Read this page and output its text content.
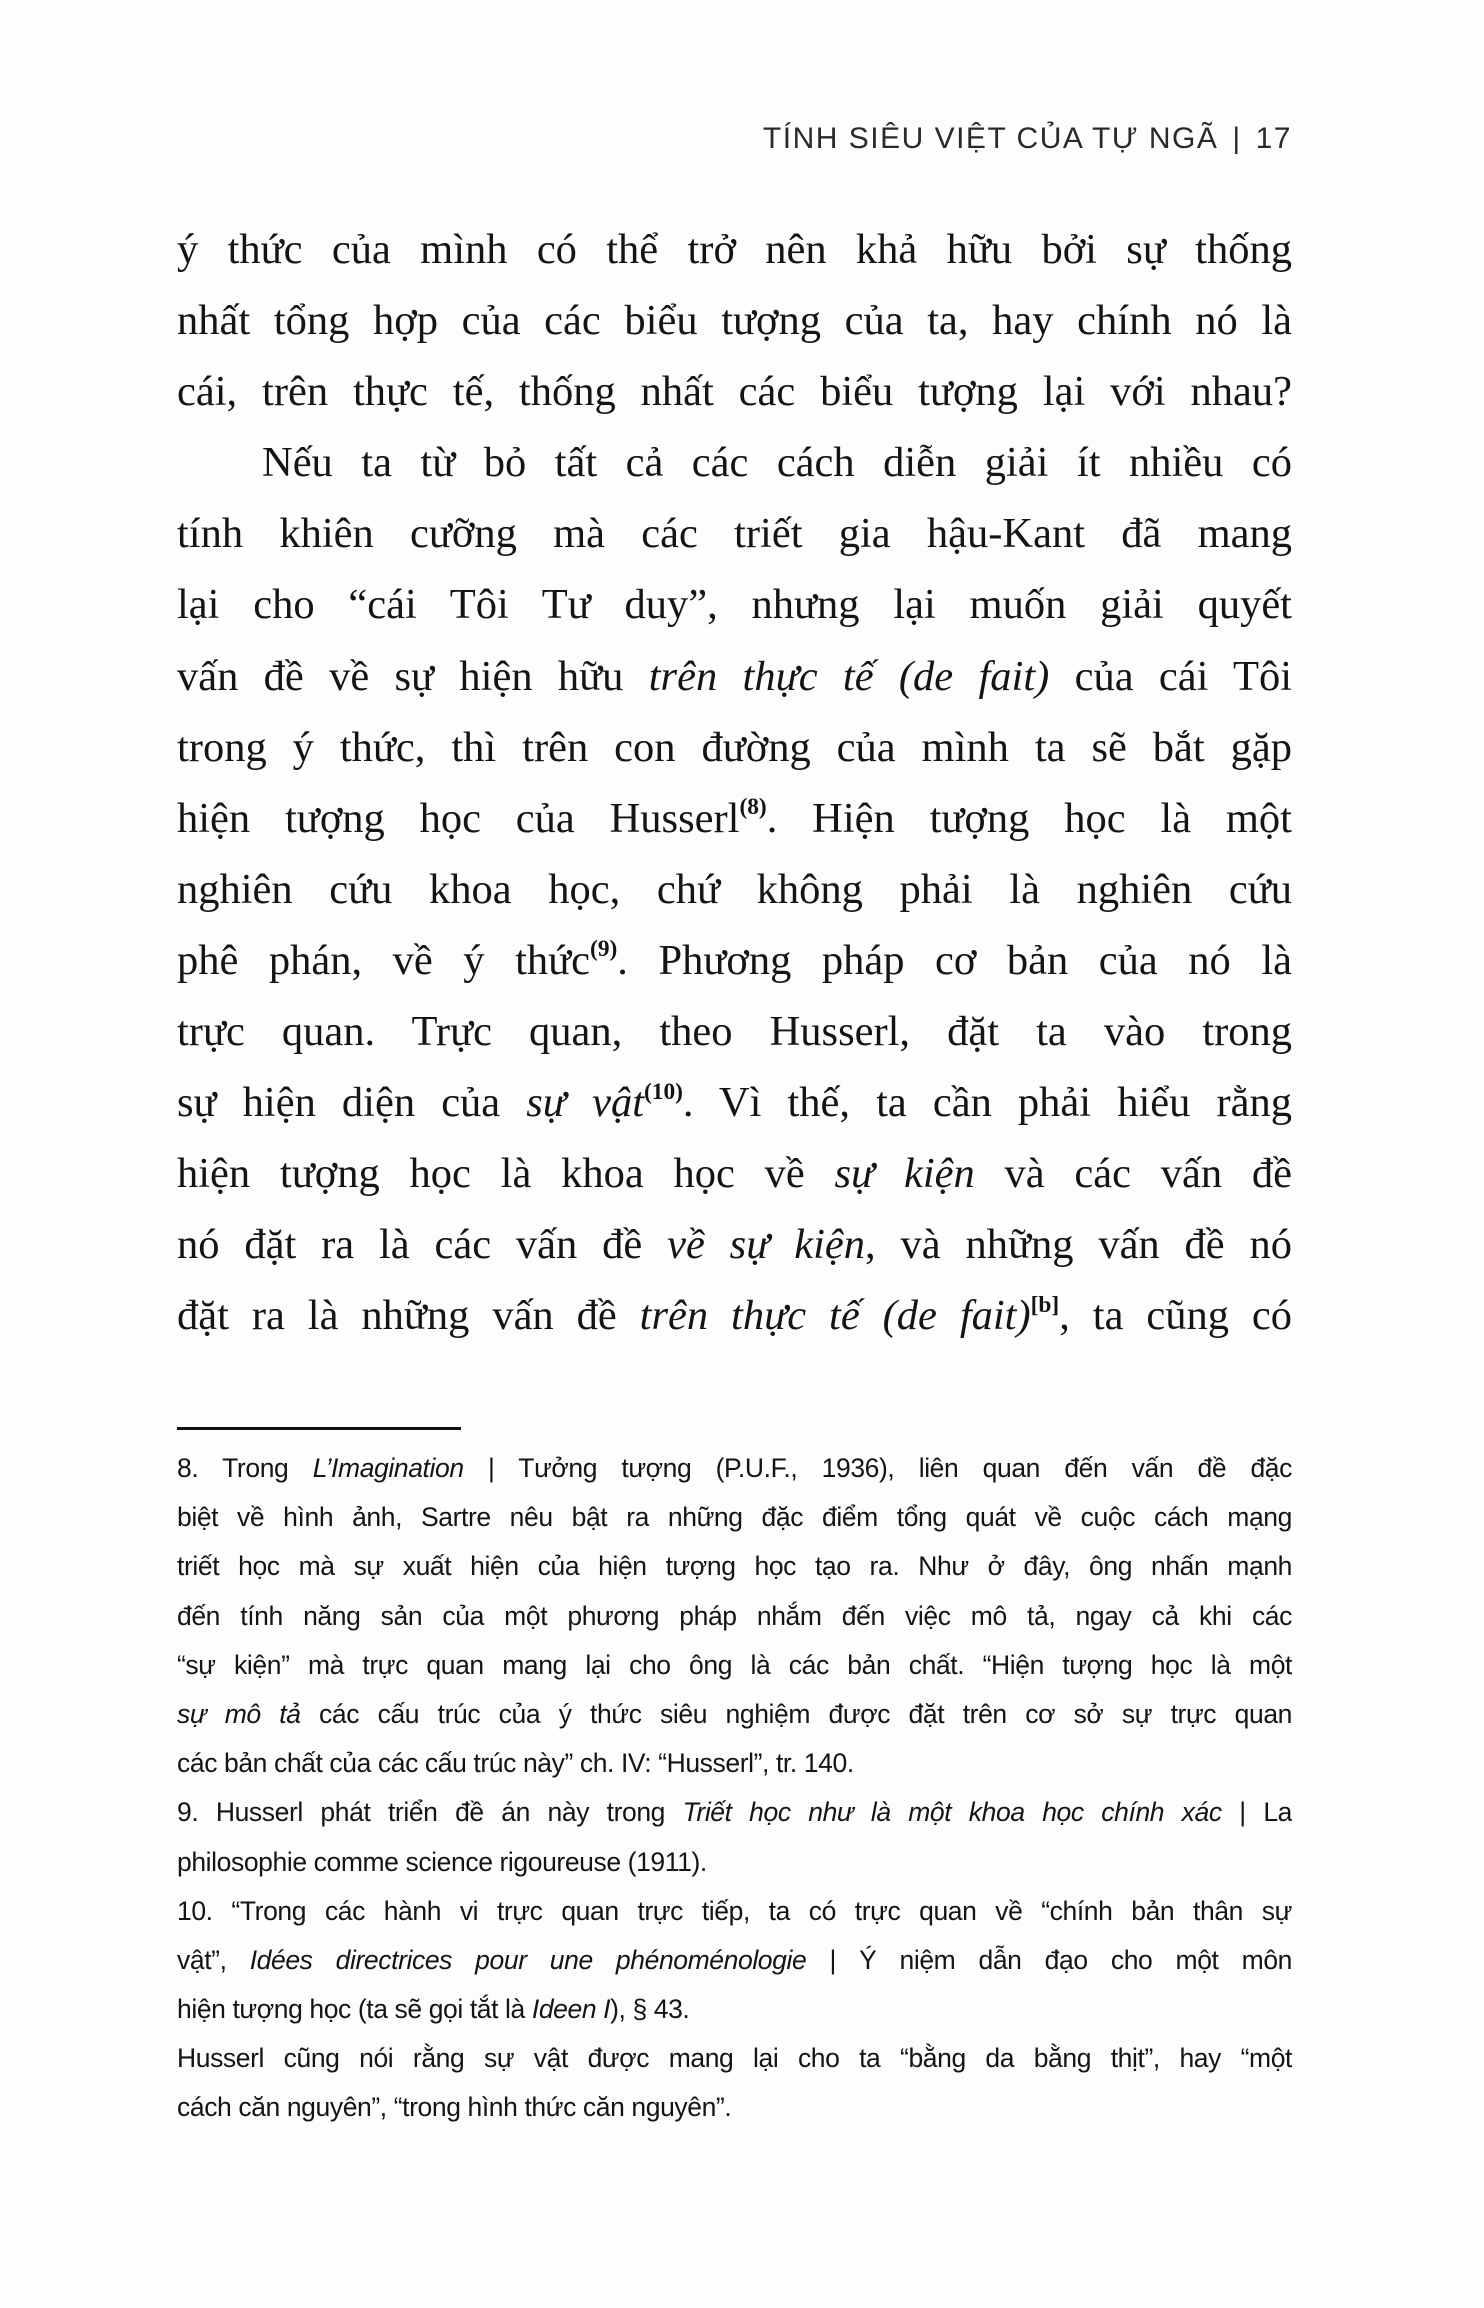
TÍNH SIÊU VIỆT CỦA TỰ NGÃ | 17
ý thức của mình có thể trở nên khả hữu bởi sự thống
nhất tổng hợp của các biểu tượng của ta, hay chính nó là
cái, trên thực tế, thống nhất các biểu tượng lại với nhau?
Nếu ta từ bỏ tất cả các cách diễn giải ít nhiều có
tính khiên cưỡng mà các triết gia hậu-Kant đã mang
lại cho “cái Tôi Tư duy”, nhưng lại muốn giải quyết
vấn đề về sự hiện hữu trên thực tế (de fait) của cái Tôi
trong ý thức, thì trên con đường của mình ta sẽ bắt gặp
hiện tượng học của Husserl$^{(8)}$. Hiện tượng học là một
nghiên cứu khoa học, chứ không phải là nghiên cứu
phê phán, về ý thức$^{(9)}$. Phương pháp cơ bản của nó là
trực quan. Trực quan, theo Husserl, đặt ta vào trong
sự hiện diện của sự vật$^{(10)}$. Vì thế, ta cần phải hiểu rằng
hiện tượng học là khoa học về sự kiện và các vấn đề
nó đặt ra là các vấn đề về sự kiện, và những vấn đề nó
đặt ra là những vấn đề trên thực tế (de fait)[b], ta cũng có
8. Trong L’Imagination | Tưởng tượng (P.U.F., 1936), liên quan đến vấn đề đặc
biệt về hình ảnh, Sartre nêu bật ra những đặc điểm tổng quát về cuộc cách mạng
triết học mà sự xuất hiện của hiện tượng học tạo ra. Như ở đây, ông nhấn mạnh
đến tính năng sản của một phương pháp nhắm đến việc mô tả, ngay cả khi các
“sự kiện” mà trực quan mang lại cho ông là các bản chất. “Hiện tượng học là một
sự mô tả các cấu trúc của ý thức siêu nghiệm được đặt trên cơ sở sự trực quan
các bản chất của các cấu trúc này” ch. IV: “Husserl”, tr. 140.
9. Husserl phát triển đề án này trong Triết học như là một khoa học chính xác | La
philosophie comme science rigoureuse (1911).
10. “Trong các hành vi trực quan trực tiếp, ta có trực quan về “chính bản thân sự
vật”, Idées directrices pour une phénoménologie | Ý niệm dẫn đạo cho một môn
hiện tượng học (ta sẽ gọi tắt là Ideen I), § 43.
Husserl cũng nói rằng sự vật được mang lại cho ta “bằng da bằng thịt”, hay “một
cách căn nguyên”, “trong hình thức căn nguyên”.
